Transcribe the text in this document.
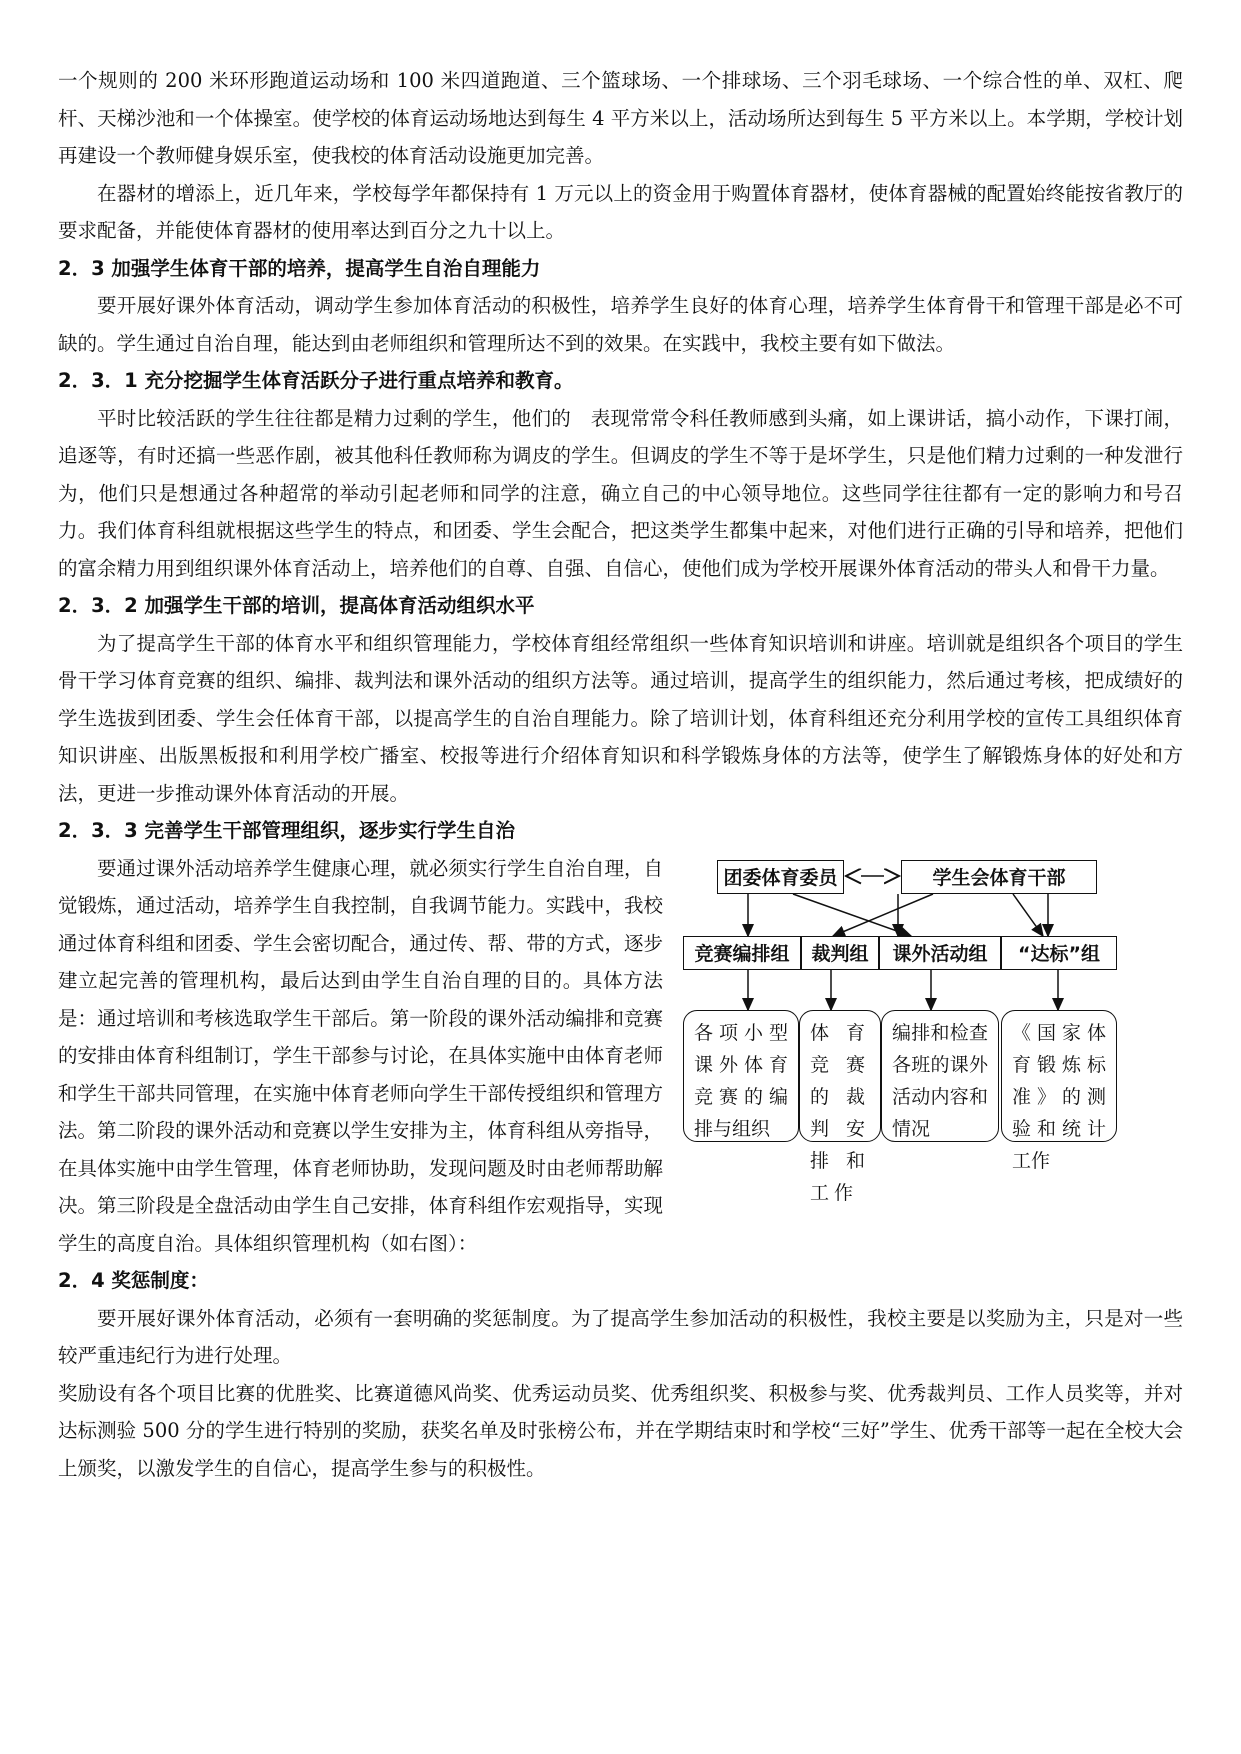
一个规则的 200 米环形跑道运动场和 100 米四道跑道、三个篮球场、一个排球场、三个羽毛球场、一个综合性的单、双杠、爬杆、天梯沙池和一个体操室。使学校的体育运动场地达到每生 4 平方米以上，活动场所达到每生 5 平方米以上。本学期，学校计划再建设一个教师健身娱乐室，使我校的体育活动设施更加完善。

在器材的增添上，近几年来，学校每学年都保持有 1 万元以上的资金用于购置体育器材，使体育器械的配置始终能按省教厅的要求配备，并能使体育器材的使用率达到百分之九十以上。

2．3 加强学生体育干部的培养，提高学生自治自理能力

要开展好课外体育活动，调动学生参加体育活动的积极性，培养学生良好的体育心理，培养学生体育骨干和管理干部是必不可缺的。学生通过自治自理，能达到由老师组织和管理所达不到的效果。在实践中，我校主要有如下做法。

2．3．1 充分挖掘学生体育活跃分子进行重点培养和教育。

平时比较活跃的学生往往都是精力过剩的学生，他们的　表现常常令科任教师感到头痛，如上课讲话，搞小动作，下课打闹，追逐等，有时还搞一些恶作剧，被其他科任教师称为调皮的学生。但调皮的学生不等于是坏学生，只是他们精力过剩的一种发泄行为，他们只是想通过各种超常的举动引起老师和同学的注意，确立自己的中心领导地位。这些同学往往都有一定的影响力和号召力。我们体育科组就根据这些学生的特点，和团委、学生会配合，把这类学生都集中起来，对他们进行正确的引导和培养，把他们的富余精力用到组织课外体育活动上，培养他们的自尊、自强、自信心，使他们成为学校开展课外体育活动的带头人和骨干力量。

2．3．2 加强学生干部的培训，提高体育活动组织水平

为了提高学生干部的体育水平和组织管理能力，学校体育组经常组织一些体育知识培训和讲座。培训就是组织各个项目的学生骨干学习体育竞赛的组织、编排、裁判法和课外活动的组织方法等。通过培训，提高学生的组织能力，然后通过考核，把成绩好的学生选拔到团委、学生会任体育干部，以提高学生的自治自理能力。除了培训计划，体育科组还充分利用学校的宣传工具组织体育知识讲座、出版黑板报和利用学校广播室、校报等进行介绍体育知识和科学锻炼身体的方法等，使学生了解锻炼身体的好处和方法，更进一步推动课外体育活动的开展。

2．3．3 完善学生干部管理组织，逐步实行学生自治
团委体育委员	学生会体育干部
竞赛编排组	裁判组	课外活动组	“达标”组
各项小型课外体育竞赛的编排与组织
体育竞赛的裁判安排和工作
编排和检查各班的课外活动内容和情况
《国家体育锻炼标准》的测验和统计工作

要通过课外活动培养学生健康心理，就必须实行学生自治自理，自觉锻炼，通过活动，培养学生自我控制，自我调节能力。实践中，我校通过体育科组和团委、学生会密切配合，通过传、帮、带的方式，逐步建立起完善的管理机构，最后达到由学生自治自理的目的。具体方法是：通过培训和考核选取学生干部后。第一阶段的课外活动编排和竞赛的安排由体育科组制订，学生干部参与讨论，在具体实施中由体育老师和学生干部共同管理，在实施中体育老师向学生干部传授组织和管理方法。第二阶段的课外活动和竞赛以学生安排为主，体育科组从旁指导，在具体实施中由学生管理，体育老师协助，发现问题及时由老师帮助解决。第三阶段是全盘活动由学生自己安排，体育科组作宏观指导，实现学生的高度自治。具体组织管理机构（如右图）：

2．4 奖惩制度：

要开展好课外体育活动，必须有一套明确的奖惩制度。为了提高学生参加活动的积极性，我校主要是以奖励为主，只是对一些较严重违纪行为进行处理。

奖励设有各个项目比赛的优胜奖、比赛道德风尚奖、优秀运动员奖、优秀组织奖、积极参与奖、优秀裁判员、工作人员奖等，并对达标测验 500 分的学生进行特别的奖励，获奖名单及时张榜公布，并在学期结束时和学校“三好”学生、优秀干部等一起在全校大会上颁奖，以激发学生的自信心，提高学生参与的积极性。
